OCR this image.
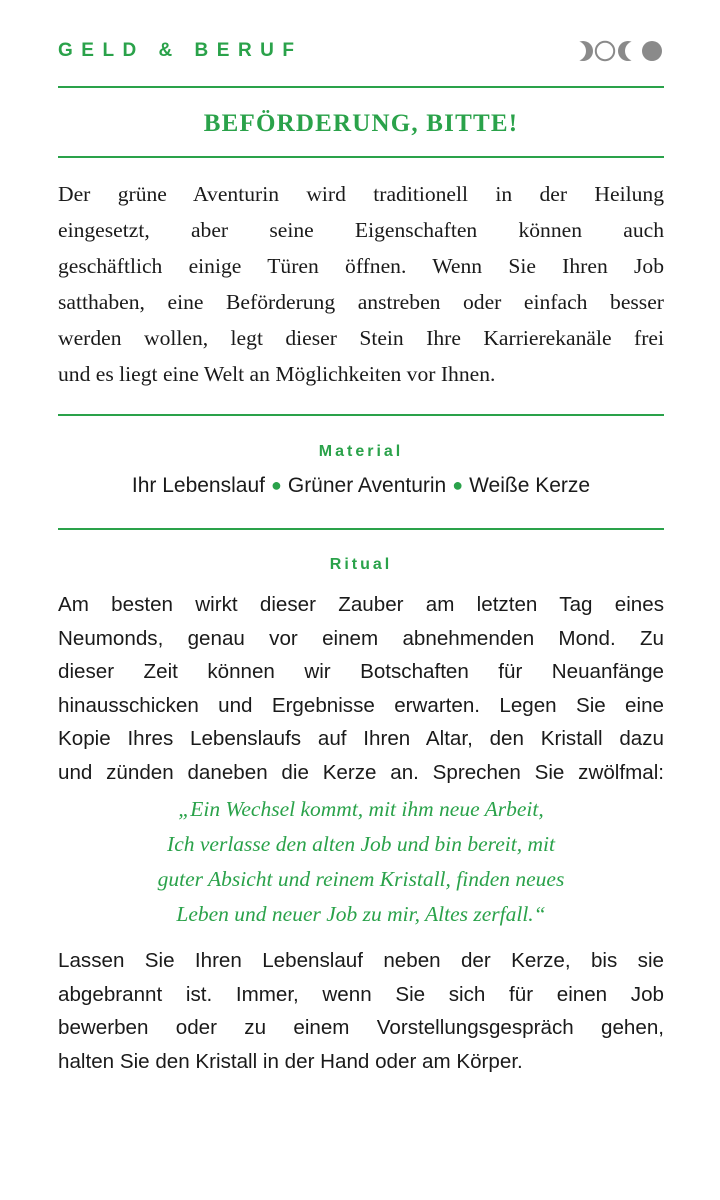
GELD & BERUF
BEFÖRDERUNG, BITTE!
Der grüne Aventurin wird traditionell in der Heilung
eingesetzt, aber seine Eigenschaften können auch
geschäftlich einige Türen öffnen. Wenn Sie Ihren Job
satthaben, eine Beförderung anstreben oder einfach besser
werden wollen, legt dieser Stein Ihre Karrierekanäle frei
und es liegt eine Welt an Möglichkeiten vor Ihnen.
Material
Ihr Lebenslauf ● Grüner Aventurin ● Weiße Kerze
Ritual
Am besten wirkt dieser Zauber am letzten Tag eines
Neumonds, genau vor einem abnehmenden Mond. Zu
dieser Zeit können wir Botschaften für Neuanfänge
hinausschicken und Ergebnisse erwarten. Legen Sie eine
Kopie Ihres Lebenslaufs auf Ihren Altar, den Kristall dazu
und zünden daneben die Kerze an. Sprechen Sie zwölfmal:
„Ein Wechsel kommt, mit ihm neue Arbeit,
Ich verlasse den alten Job und bin bereit, mit
guter Absicht und reinem Kristall, finden neues
Leben und neuer Job zu mir, Altes zerfall.“
Lassen Sie Ihren Lebenslauf neben der Kerze, bis sie
abgebrannt ist. Immer, wenn Sie sich für einen Job
bewerben oder zu einem Vorstellungsgespräch gehen,
halten Sie den Kristall in der Hand oder am Körper.
